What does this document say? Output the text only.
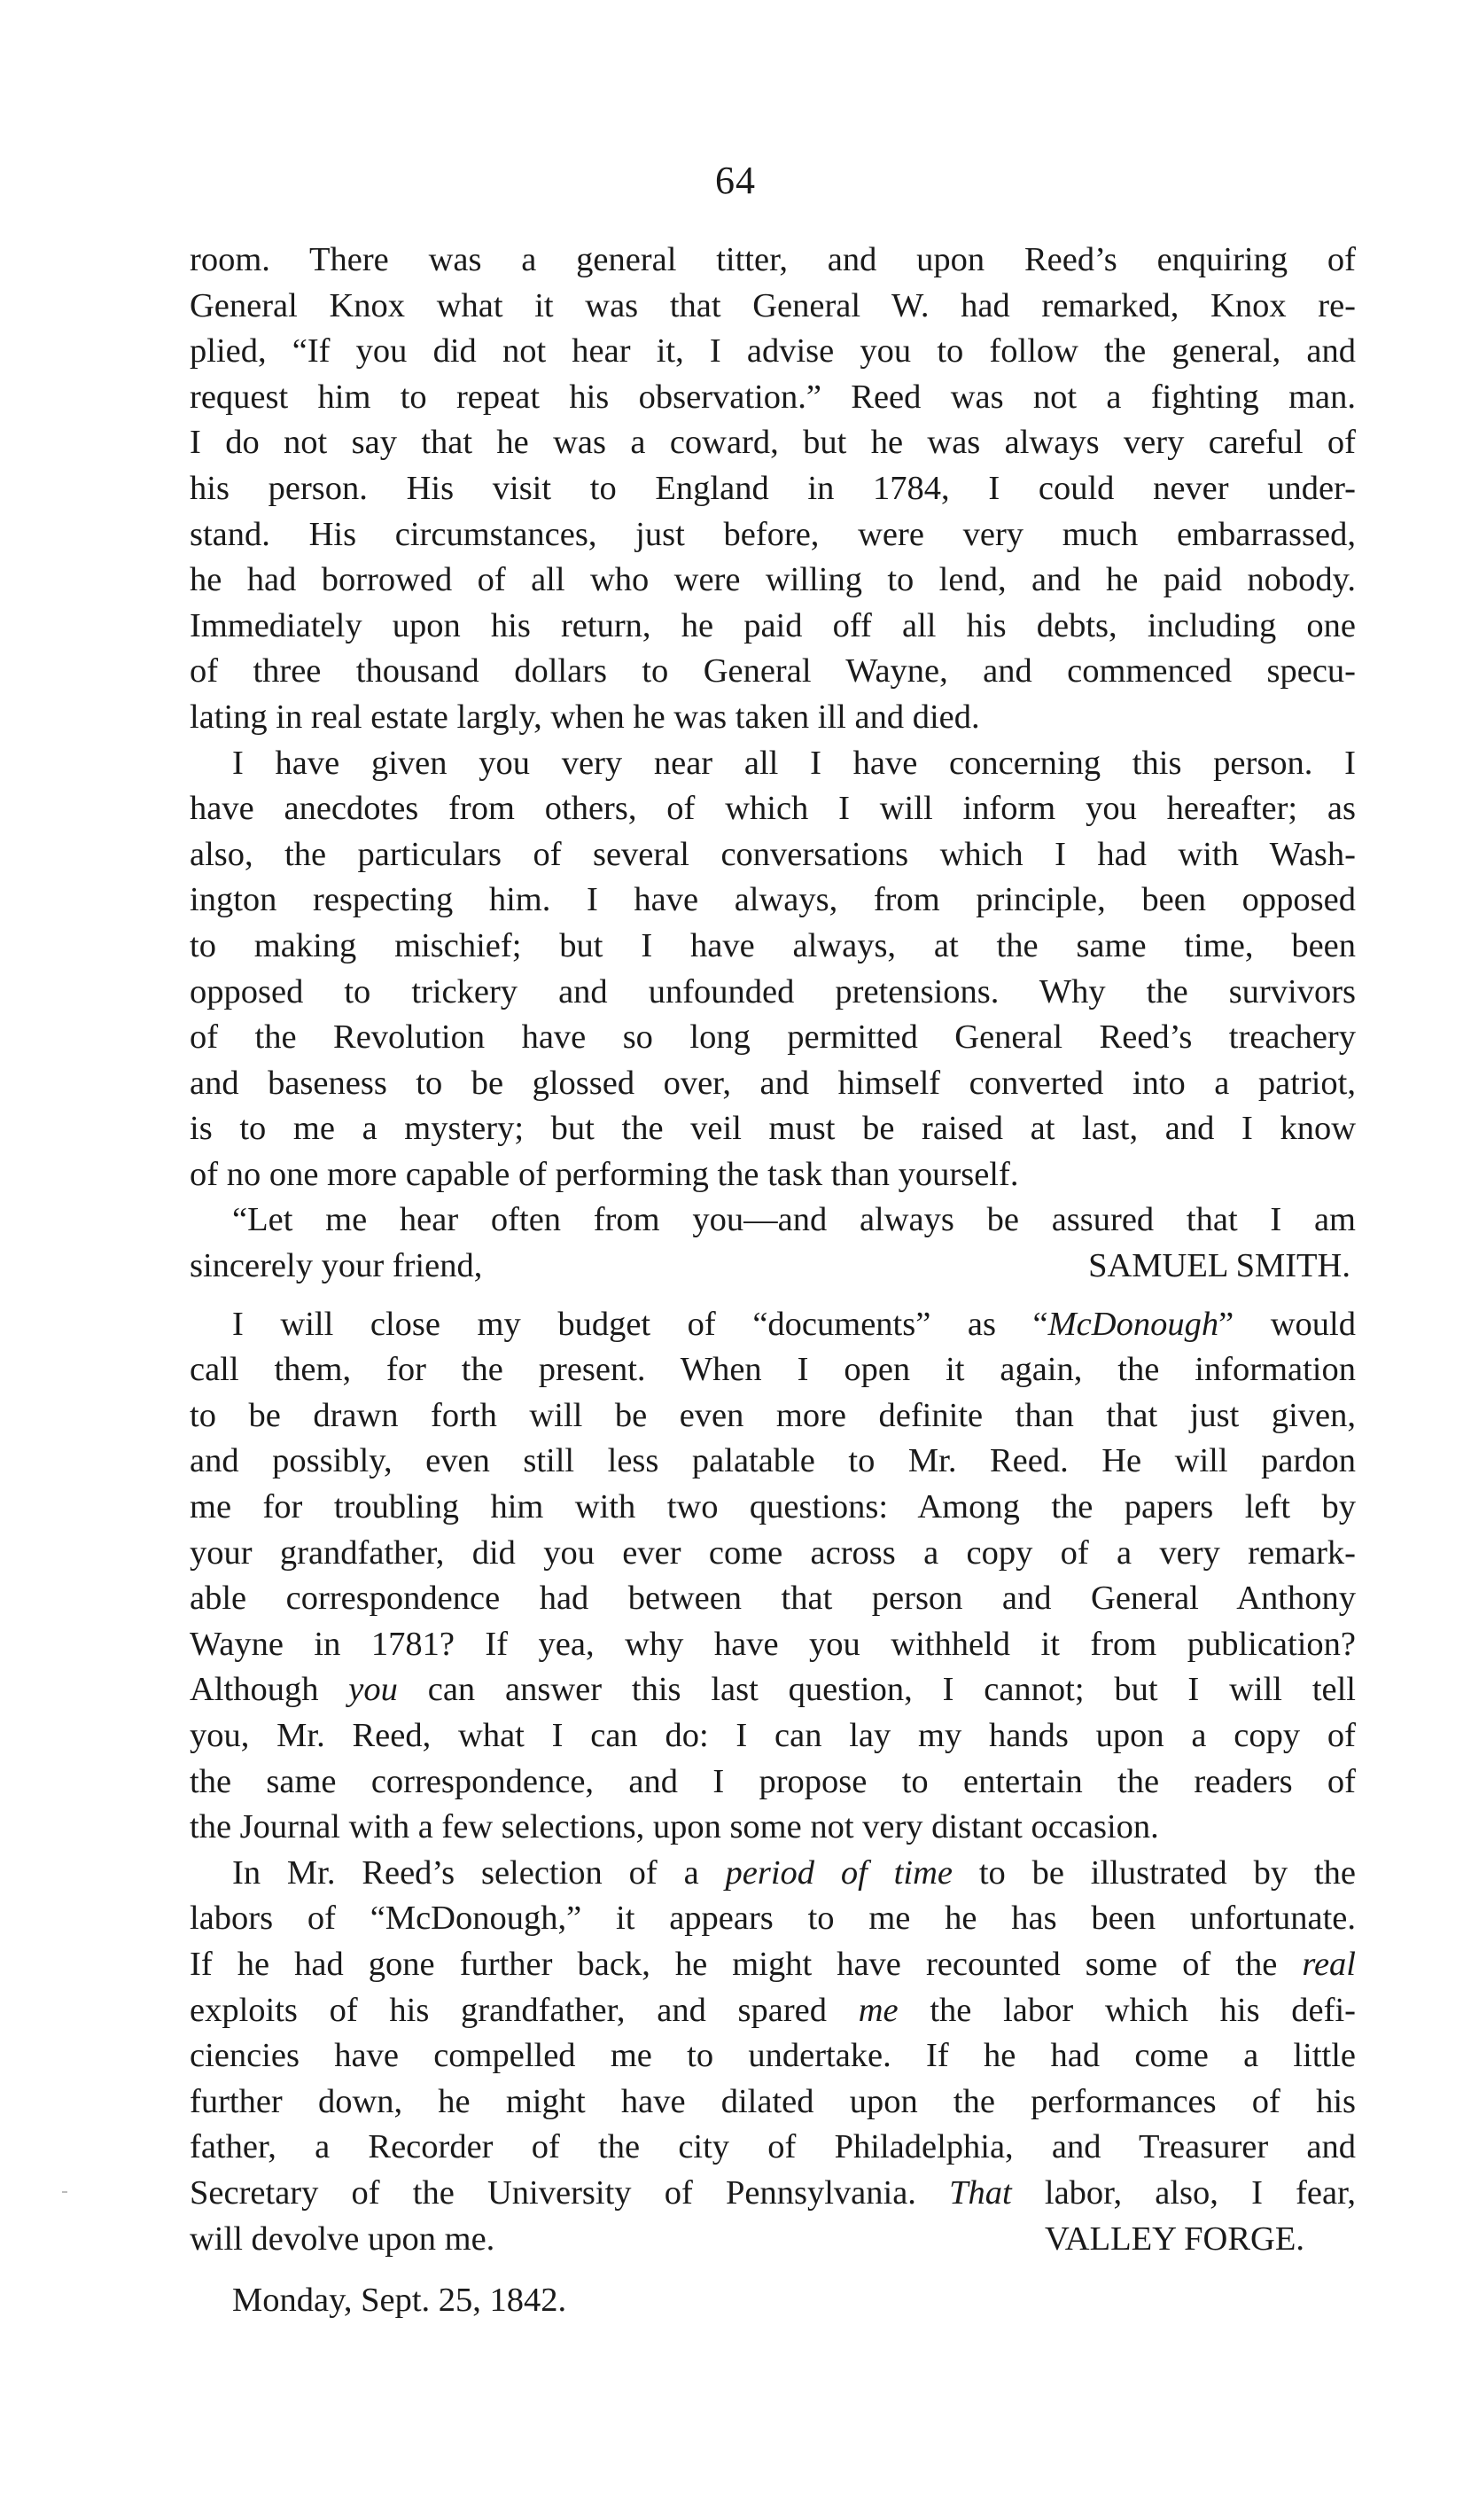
64

room. There was a general titter, and upon Reed’s enquiring of

General Knox what it was that General W. had remarked, Knox re-

plied, “If you did not hear it, I advise you to follow the general, and

request him to repeat his observation.” Reed was not a fighting man.

I do not say that he was a coward, but he was always very careful of

his person. His visit to England in 1784, I could never under-

stand. His circumstances, just before, were very much embarrassed,

he had borrowed of all who were willing to lend, and he paid nobody.

Immediately upon his return, he paid off all his debts, including one

of three thousand dollars to General Wayne, and commenced specu-

lating in real estate largly, when he was taken ill and died.

I have given you very near all I have concerning this person. I

have anecdotes from others, of which I will inform you hereafter; as

also, the particulars of several conversations which I had with Wash-

ington respecting him. I have always, from principle, been opposed

to making mischief; but I have always, at the same time, been

opposed to trickery and unfounded pretensions. Why the survivors

of the Revolution have so long permitted General Reed’s treachery

and baseness to be glossed over, and himself converted into a patriot,

is to me a mystery; but the veil must be raised at last, and I know

of no one more capable of performing the task than yourself.

“Let me hear often from you—and always be assured that I am

sincerely your friend,	SAMUEL SMITH.

I will close my budget of “documents” as “McDonough” would

call them, for the present. When I open it again, the information

to be drawn forth will be even more definite than that just given,

and possibly, even still less palatable to Mr. Reed. He will pardon

me for troubling him with two questions: Among the papers left by

your grandfather, did you ever come across a copy of a very remark-

able correspondence had between that person and General Anthony

Wayne in 1781? If yea, why have you withheld it from publication?

Although you can answer this last question, I cannot; but I will tell

you, Mr. Reed, what I can do: I can lay my hands upon a copy of

the same correspondence, and I propose to entertain the readers of

the Journal with a few selections, upon some not very distant occasion.

In Mr. Reed’s selection of a period of time to be illustrated by the

labors of “McDonough,” it appears to me he has been unfortunate.

If he had gone further back, he might have recounted some of the real

exploits of his grandfather, and spared me the labor which his defi-

ciencies have compelled me to undertake. If he had come a little

further down, he might have dilated upon the performances of his

father, a Recorder of the city of Philadelphia, and Treasurer and

Secretary of the University of Pennsylvania. That labor, also, I fear,

will devolve upon me.	VALLEY FORGE.
Monday, Sept. 25, 1842.
